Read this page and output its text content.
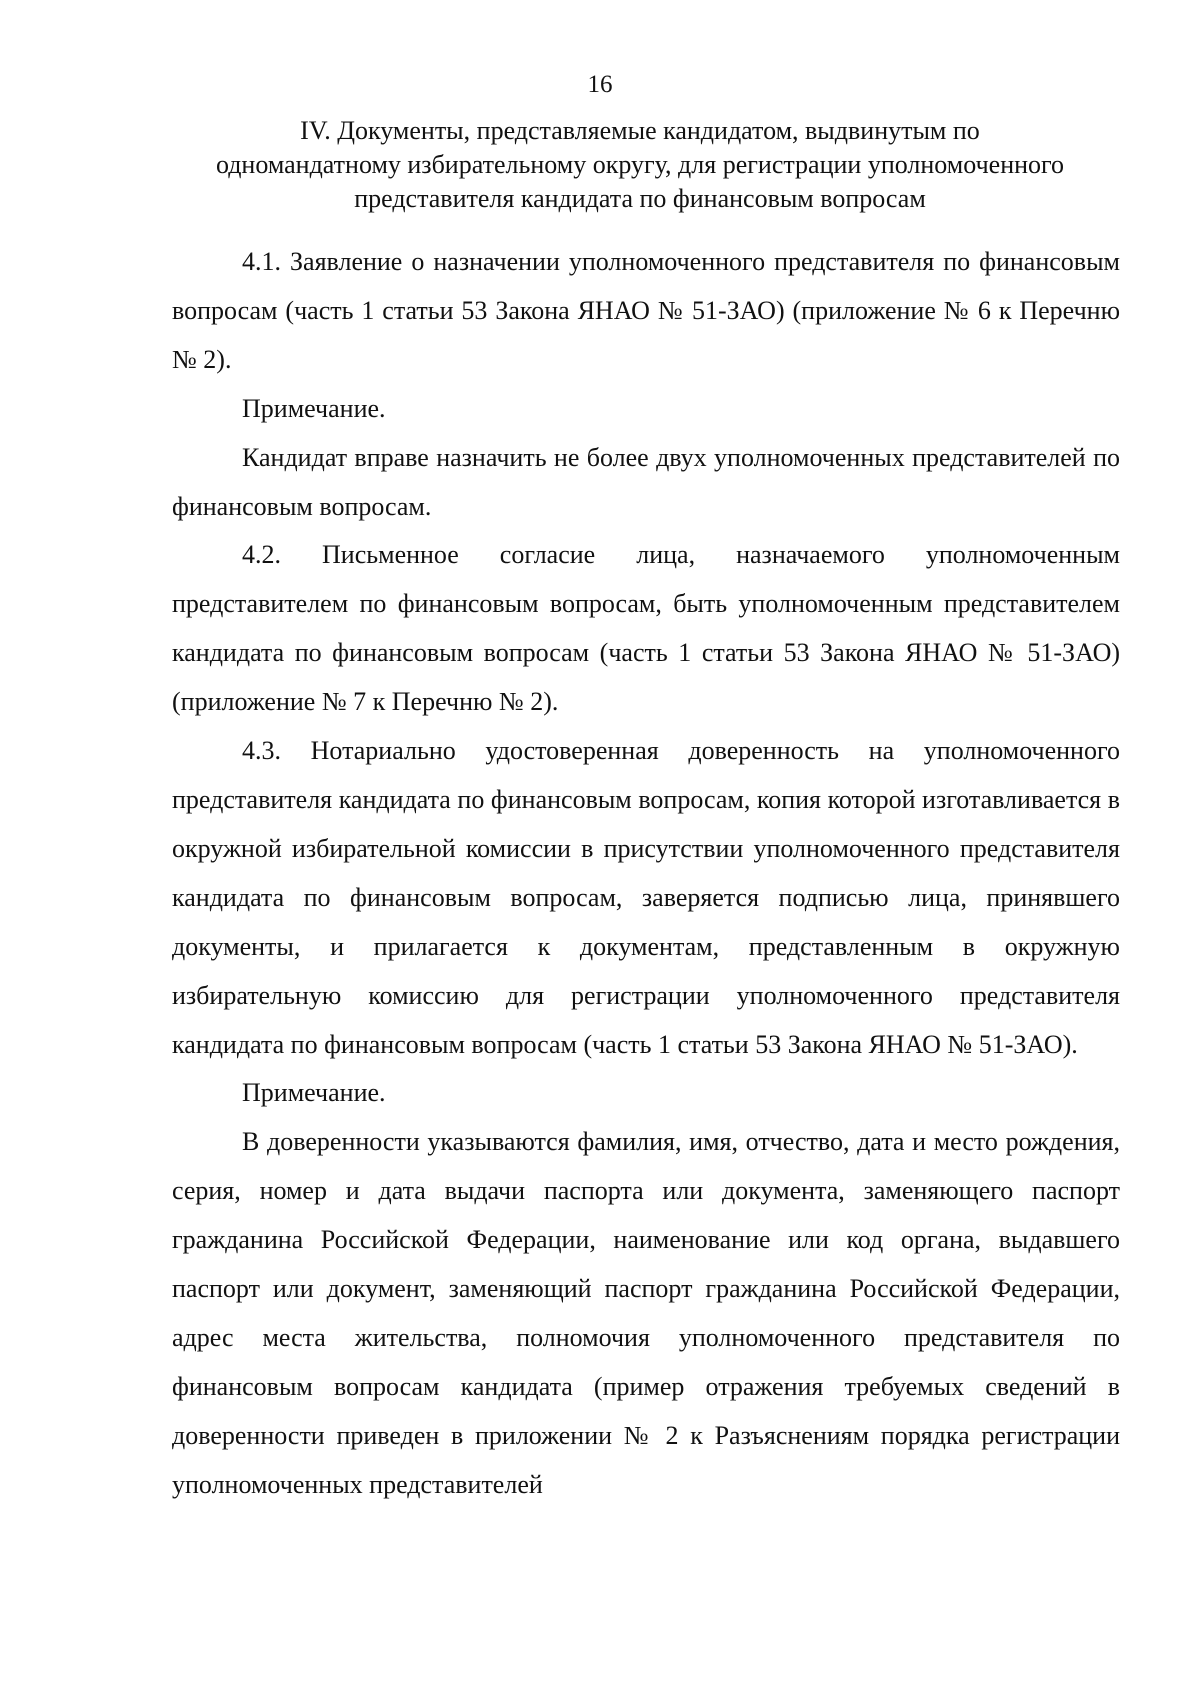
16
IV. Документы, представляемые кандидатом, выдвинутым по
одномандатному избирательному округу, для регистрации уполномоченного
представителя кандидата по финансовым вопросам

4.1. Заявление о назначении уполномоченного представителя по финансовым вопросам (часть 1 статьи 53 Закона ЯНАО № 51-ЗАО) (приложение № 6 к Перечню № 2).

Примечание.

Кандидат вправе назначить не более двух уполномоченных представителей по финансовым вопросам.

4.2. Письменное согласие лица, назначаемого уполномоченным представителем по финансовым вопросам, быть уполномоченным представителем кандидата по финансовым вопросам (часть 1 статьи 53 Закона ЯНАО № 51-ЗАО) (приложение № 7 к Перечню № 2).

4.3. Нотариально удостоверенная доверенность на уполномоченного представителя кандидата по финансовым вопросам, копия которой изготавливается в окружной избирательной комиссии в присутствии уполномоченного представителя кандидата по финансовым вопросам, заверяется подписью лица, принявшего документы, и прилагается к документам, представленным в окружную избирательную комиссию для регистрации уполномоченного представителя кандидата по финансовым вопросам (часть 1 статьи 53 Закона ЯНАО № 51-ЗАО).

Примечание.

В доверенности указываются фамилия, имя, отчество, дата и место рождения, серия, номер и дата выдачи паспорта или документа, заменяющего паспорт гражданина Российской Федерации, наименование или код органа, выдавшего паспорт или документ, заменяющий паспорт гражданина Российской Федерации, адрес места жительства, полномочия уполномоченного представителя по финансовым вопросам кандидата (пример отражения требуемых сведений в доверенности приведен в приложении № 2 к Разъяснениям порядка регистрации уполномоченных представителей
